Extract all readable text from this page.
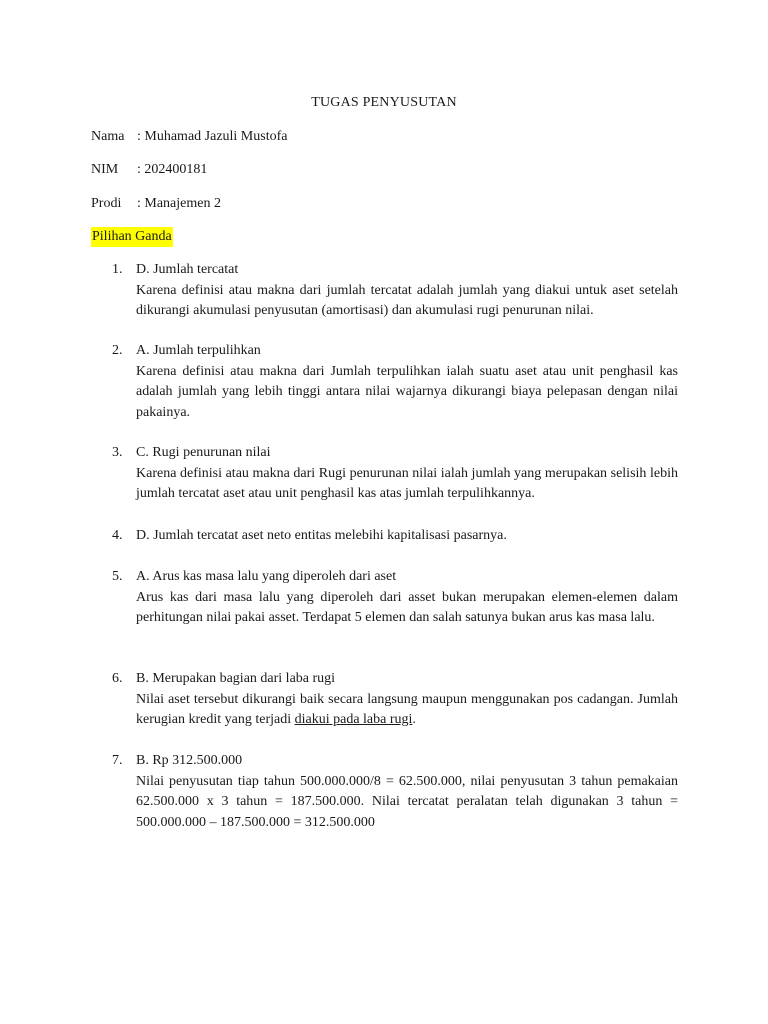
TUGAS PENYUSUTAN
Nama : Muhamad Jazuli Mustofa
NIM : 202400181
Prodi : Manajemen 2
Pilihan Ganda
1. D. Jumlah tercatat
Karena definisi atau makna dari jumlah tercatat adalah jumlah yang diakui untuk aset setelah dikurangi akumulasi penyusutan (amortisasi) dan akumulasi rugi penurunan nilai.
2. A. Jumlah terpulihkan
Karena definisi atau makna dari Jumlah terpulihkan ialah suatu aset atau unit penghasil kas adalah jumlah yang lebih tinggi antara nilai wajarnya dikurangi biaya pelepasan dengan nilai pakainya.
3. C. Rugi penurunan nilai
Karena definisi atau makna dari Rugi penurunan nilai ialah jumlah yang merupakan selisih lebih jumlah tercatat aset atau unit penghasil kas atas jumlah terpulihkannya.
4. D. Jumlah tercatat aset neto entitas melebihi kapitalisasi pasarnya.
5. A. Arus kas masa lalu yang diperoleh dari aset
Arus kas dari masa lalu yang diperoleh dari asset bukan merupakan elemen-elemen dalam perhitungan nilai pakai asset. Terdapat 5 elemen dan salah satunya bukan arus kas masa lalu.
6. B. Merupakan bagian dari laba rugi
Nilai aset tersebut dikurangi baik secara langsung maupun menggunakan pos cadangan. Jumlah kerugian kredit yang terjadi diakui pada laba rugi.
7. B. Rp 312.500.000
Nilai penyusutan tiap tahun 500.000.000/8 = 62.500.000, nilai penyusutan 3 tahun pemakaian 62.500.000 x 3 tahun = 187.500.000. Nilai tercatat peralatan telah digunakan 3 tahun = 500.000.000 – 187.500.000 = 312.500.000
